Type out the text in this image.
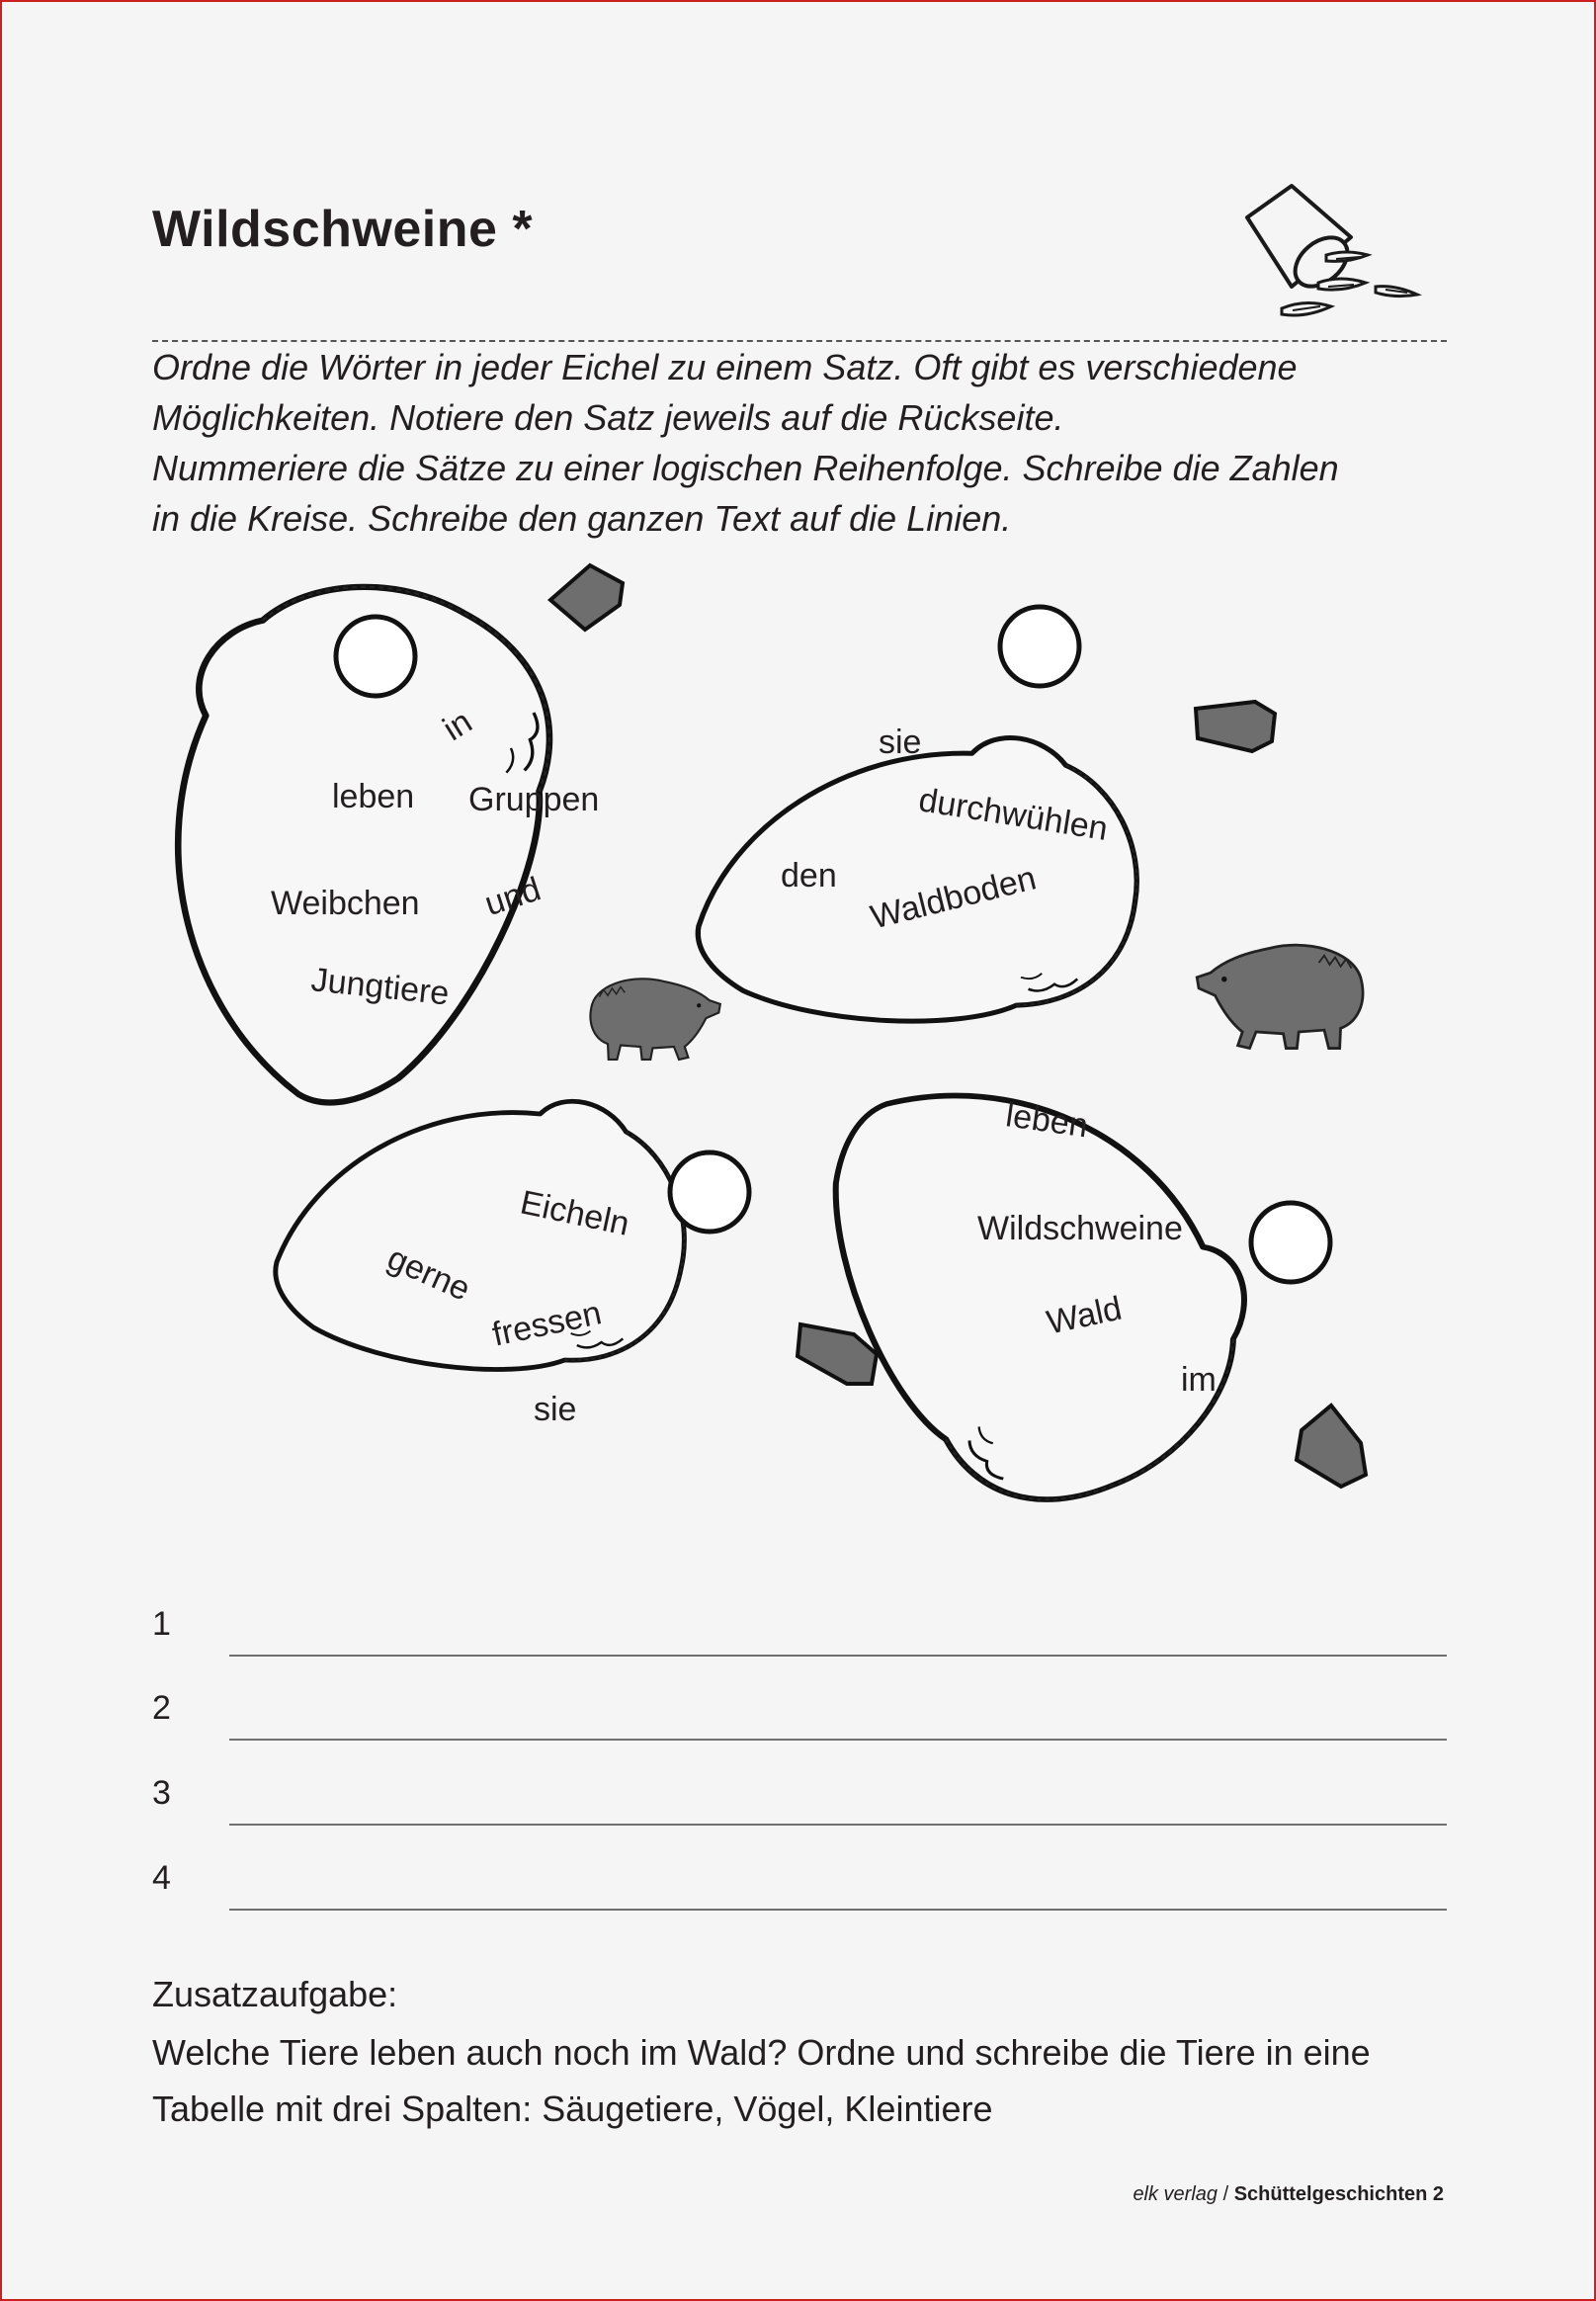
Wildschweine *

Ordne die Wörter in jeder Eichel zu einem Satz. Oft gibt es verschiedene

Möglichkeiten. Notiere den Satz jeweils auf die Rückseite.

Nummeriere die Sätze zu einer logischen Reihenfolge. Schreibe die Zahlen

in die Kreise. Schreibe den ganzen Text auf die Linien.

in
leben Gruppen
Weibchen und
Jungtiere
sie
durchwühlen
den Waldboden
Eicheln
gerne
fressen
sie
leben
Wildschweine
Wald
im
1
2
3
4
Zusatzaufgabe:
Welche Tiere leben auch noch im Wald? Ordne und schreibe die Tiere in eine
Tabelle mit drei Spalten: Säugetiere, Vögel, Kleintiere
elk verlag / Schüttelgeschichten 2
